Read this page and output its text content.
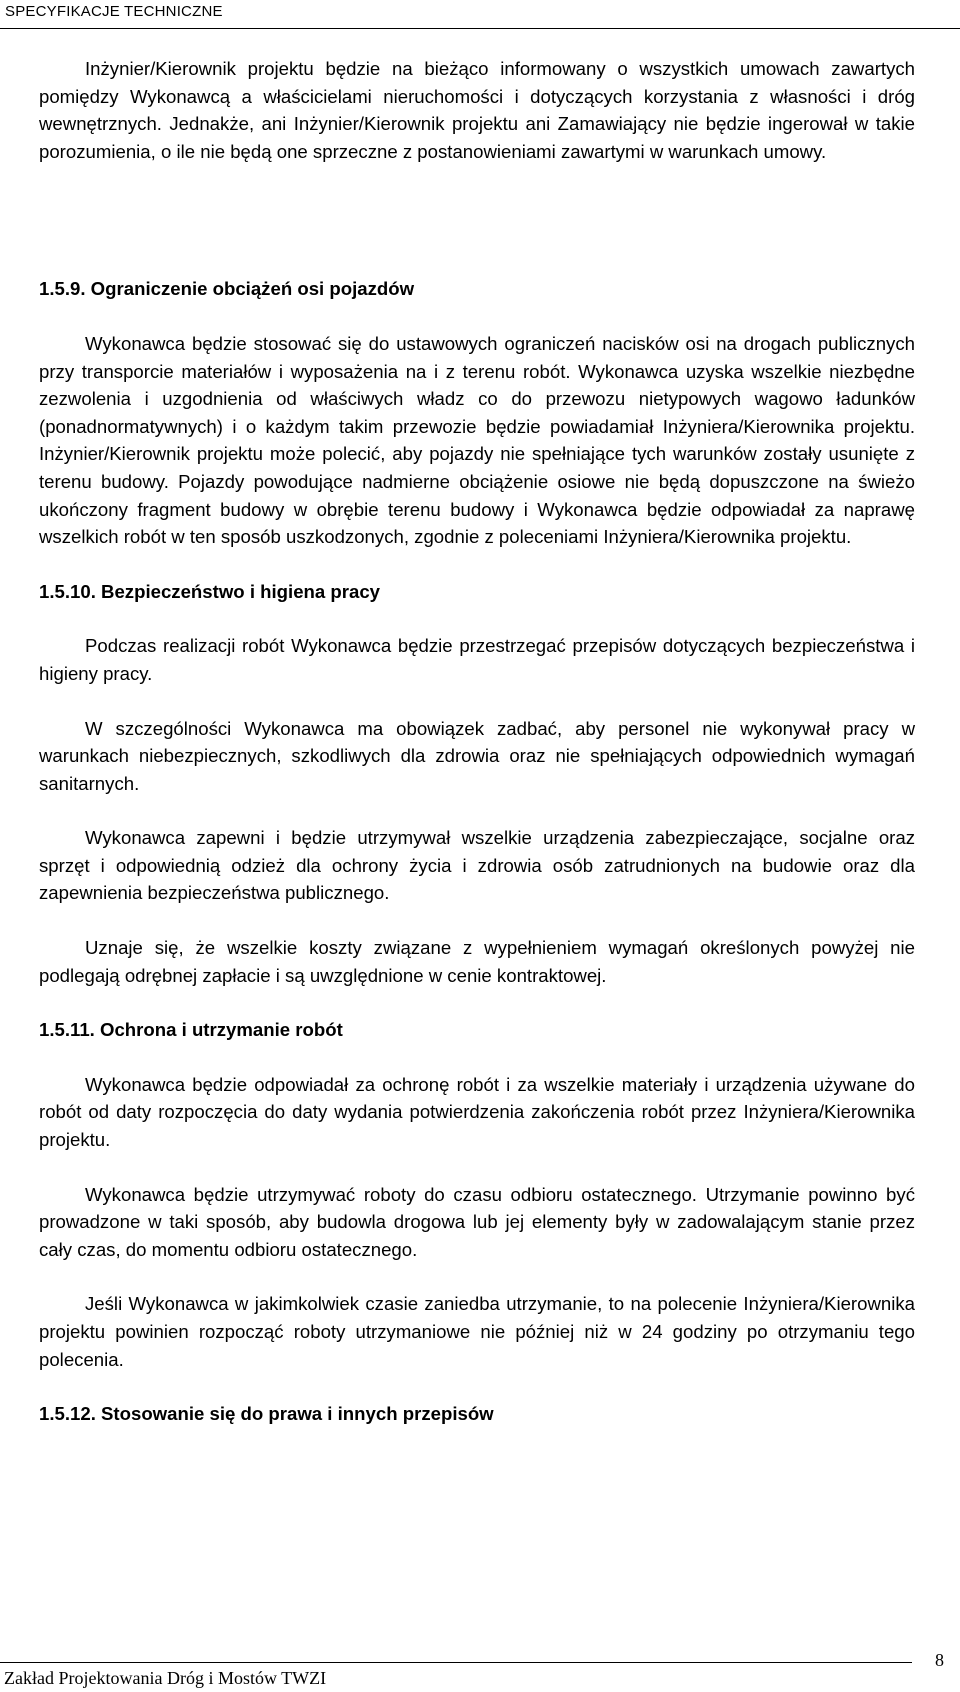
SPECYFIKACJE TECHNICZNE

Inżynier/Kierownik projektu będzie na bieżąco informowany o wszystkich umowach zawartych pomiędzy Wykonawcą a właścicielami nieruchomości i dotyczących korzystania z własności i dróg wewnętrznych. Jednakże, ani Inżynier/Kierownik projektu ani Zamawiający nie będzie ingerował w takie porozumienia, o ile nie będą one sprzeczne z postanowieniami zawartymi w warunkach umowy.

1.5.9. Ograniczenie obciążeń osi pojazdów

Wykonawca będzie stosować się do ustawowych ograniczeń nacisków osi na drogach publicznych przy transporcie materiałów i wyposażenia na i z terenu robót. Wykonawca uzyska wszelkie niezbędne zezwolenia i uzgodnienia od właściwych władz co do przewozu nietypowych wagowo ładunków (ponadnormatywnych) i o każdym takim przewozie będzie powiadamiał Inżyniera/Kierownika projektu. Inżynier/Kierownik projektu może polecić, aby pojazdy nie spełniające tych warunków zostały usunięte z terenu budowy. Pojazdy powodujące nadmierne obciążenie osiowe nie będą dopuszczone na świeżo ukończony fragment budowy w obrębie terenu budowy i Wykonawca będzie odpowiadał za naprawę wszelkich robót w ten sposób uszkodzonych, zgodnie z poleceniami Inżyniera/Kierownika projektu.

1.5.10. Bezpieczeństwo i higiena pracy

Podczas realizacji robót Wykonawca będzie przestrzegać przepisów dotyczących bezpieczeństwa i higieny pracy.

W szczególności Wykonawca ma obowiązek zadbać, aby personel nie wykonywał pracy w warunkach niebezpiecznych, szkodliwych dla zdrowia oraz nie spełniających odpowiednich wymagań sanitarnych.

Wykonawca zapewni i będzie utrzymywał wszelkie urządzenia zabezpieczające, socjalne oraz sprzęt i odpowiednią odzież dla ochrony życia i zdrowia osób zatrudnionych na budowie oraz dla zapewnienia bezpieczeństwa publicznego.

Uznaje się, że wszelkie koszty związane z wypełnieniem wymagań określonych powyżej nie podlegają odrębnej zapłacie i są uwzględnione w cenie kontraktowej.

1.5.11. Ochrona i utrzymanie robót

Wykonawca będzie odpowiadał za ochronę robót i za wszelkie materiały i urządzenia używane do robót od daty rozpoczęcia do daty wydania potwierdzenia zakończenia robót przez Inżyniera/Kierownika projektu.

Wykonawca będzie utrzymywać roboty do czasu odbioru ostatecznego. Utrzymanie powinno być prowadzone w taki sposób, aby budowla drogowa lub jej elementy były w zadowalającym stanie przez cały czas, do momentu odbioru ostatecznego.

Jeśli Wykonawca w jakimkolwiek czasie zaniedba utrzymanie, to na polecenie Inżyniera/Kierownika projektu powinien rozpocząć roboty utrzymaniowe nie później niż w 24 godziny po otrzymaniu tego polecenia.

1.5.12. Stosowanie się do prawa i innych przepisów
Zakład Projektowania Dróg i Mostów TWZI
8
